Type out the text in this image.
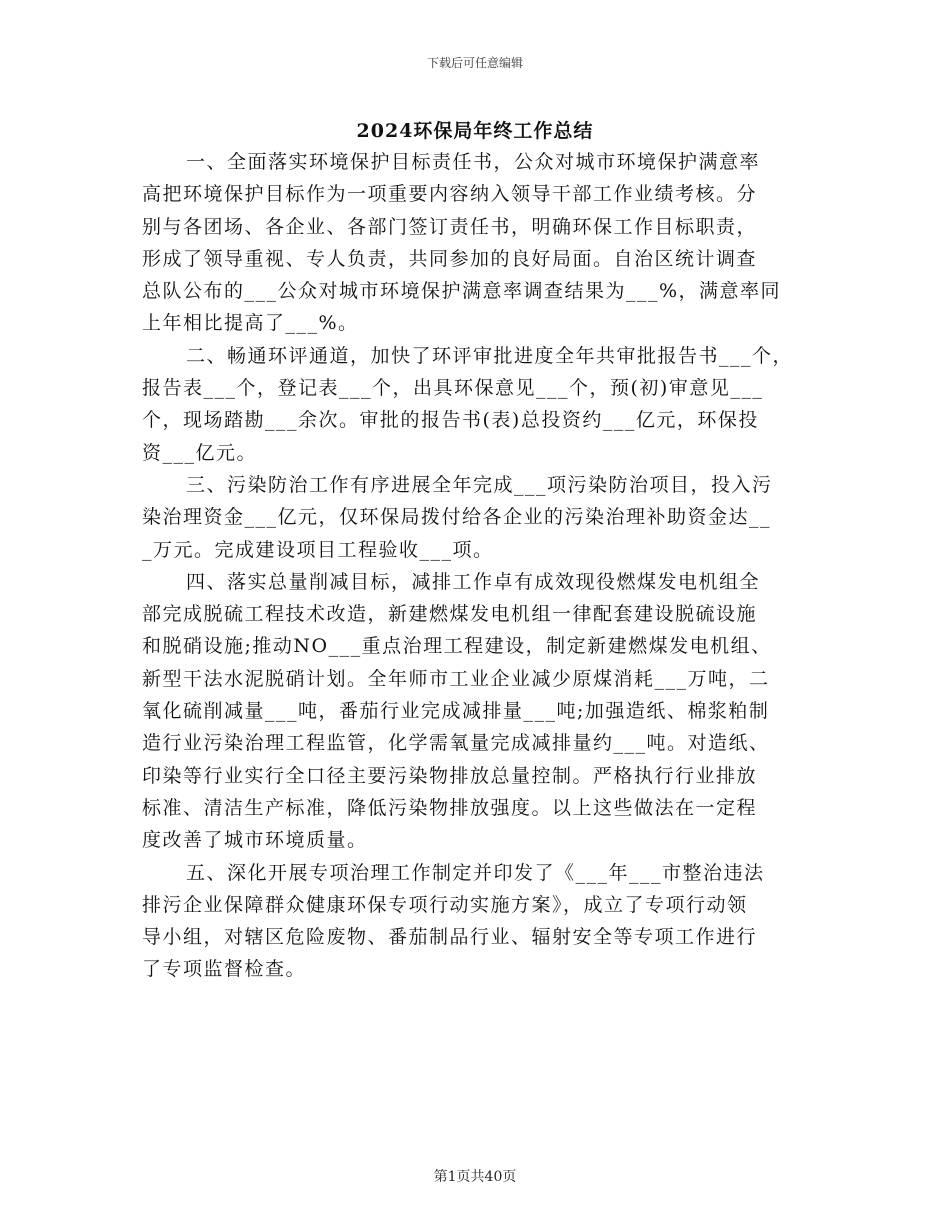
下载后可任意编辑
2024环保局年终工作总结
一、全面落实环境保护目标责任书，公众对城市环境保护满意率
高把环境保护目标作为一项重要内容纳入领导干部工作业绩考核。分
别与各团场、各企业、各部门签订责任书，明确环保工作目标职责，
形成了领导重视、专人负责，共同参加的良好局面。自治区统计调查
总队公布的___公众对城市环境保护满意率调查结果为___%，满意率同
上年相比提高了___%。
二、畅通环评通道，加快了环评审批进度全年共审批报告书___个，
报告表___个，登记表___个，出具环保意见___个，预(初)审意见___
个，现场踏勘___余次。审批的报告书(表)总投资约___亿元，环保投
资___亿元。
三、污染防治工作有序进展全年完成___项污染防治项目，投入污
染治理资金___亿元，仅环保局拨付给各企业的污染治理补助资金达__
_万元。完成建设项目工程验收___项。
四、落实总量削减目标，减排工作卓有成效现役燃煤发电机组全
部完成脱硫工程技术改造，新建燃煤发电机组一律配套建设脱硫设施
和脱硝设施;推动NO___重点治理工程建设，制定新建燃煤发电机组、
新型干法水泥脱硝计划。全年师市工业企业减少原煤消耗___万吨，二
氧化硫削减量___吨，番茄行业完成减排量___吨;加强造纸、棉浆粕制
造行业污染治理工程监管，化学需氧量完成减排量约___吨。对造纸、
印染等行业实行全口径主要污染物排放总量控制。严格执行行业排放
标准、清洁生产标准，降低污染物排放强度。以上这些做法在一定程
度改善了城市环境质量。
五、深化开展专项治理工作制定并印发了《___年___市整治违法
排污企业保障群众健康环保专项行动实施方案》，成立了专项行动领
导小组，对辖区危险废物、番茄制品行业、辐射安全等专项工作进行
了专项监督检查。
第1页共40页
